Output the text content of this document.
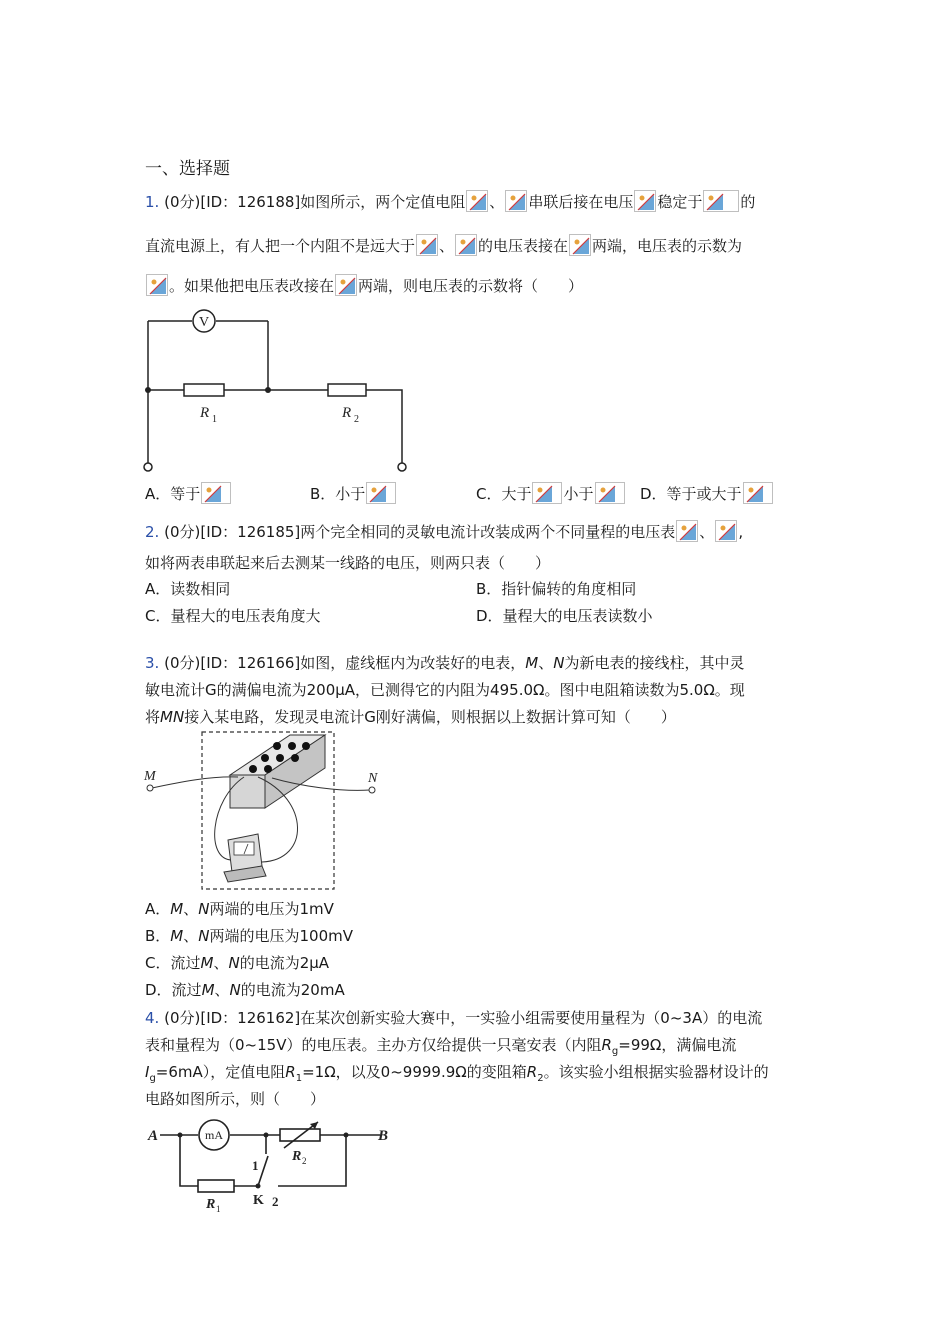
一、选择题
1. (0分)[ID：126188]如图所示，两个定值电阻 、 串联后接在电压 稳定于	的
直流电源上，有人把一个内阻不是远大于 、 的电压表接在 两端，电压表的示数为
。如果他把电压表改接在 两端，则电压表的示数将（　　）
V
R 1	R 2
A．等于	B．小于	C．大于 小于	D．等于或大于
2. (0分)[ID：126185]两个完全相同的灵敏电流计改装成两个不同量程的电压表 、 ,
如将两表串联起来后去测某一线路的电压，则两只表（　　）
A．读数相同	B．指针偏转的角度相同
C．量程大的电压表角度大	D．量程大的电压表读数小
3. (0分)[ID：126166]如图，虚线框内为改装好的电表，M、N为新电表的接线柱，其中灵
敏电流计G的满偏电流为200μA，已测得它的内阻为495.0Ω。图中电阻箱读数为5.0Ω。现
将MN接入某电路，发现灵电流计G刚好满偏，则根据以上数据计算可知（　　）
M	N
A．M、N两端的电压为1mV
B．M、N两端的电压为100mV
C．流过M、N的电流为2μA
D．流过M、N的电流为20mA
4. (0分)[ID：126162]在某次创新实验大赛中，一实验小组需要使用量程为（0~3A）的电流
表和量程为（0~15V）的电压表。主办方仅给提供一只毫安表（内阻$R_g=99\Omega$，满偏电流
$I_g=6mA$），定值电阻$R_1=1\Omega$，以及0~9999.9Ω的变阻箱$R_2$。该实验小组根据实验器材设计的
电路如图所示，则（　　）
A	B
mA
R 2
R 1
K
1
2
